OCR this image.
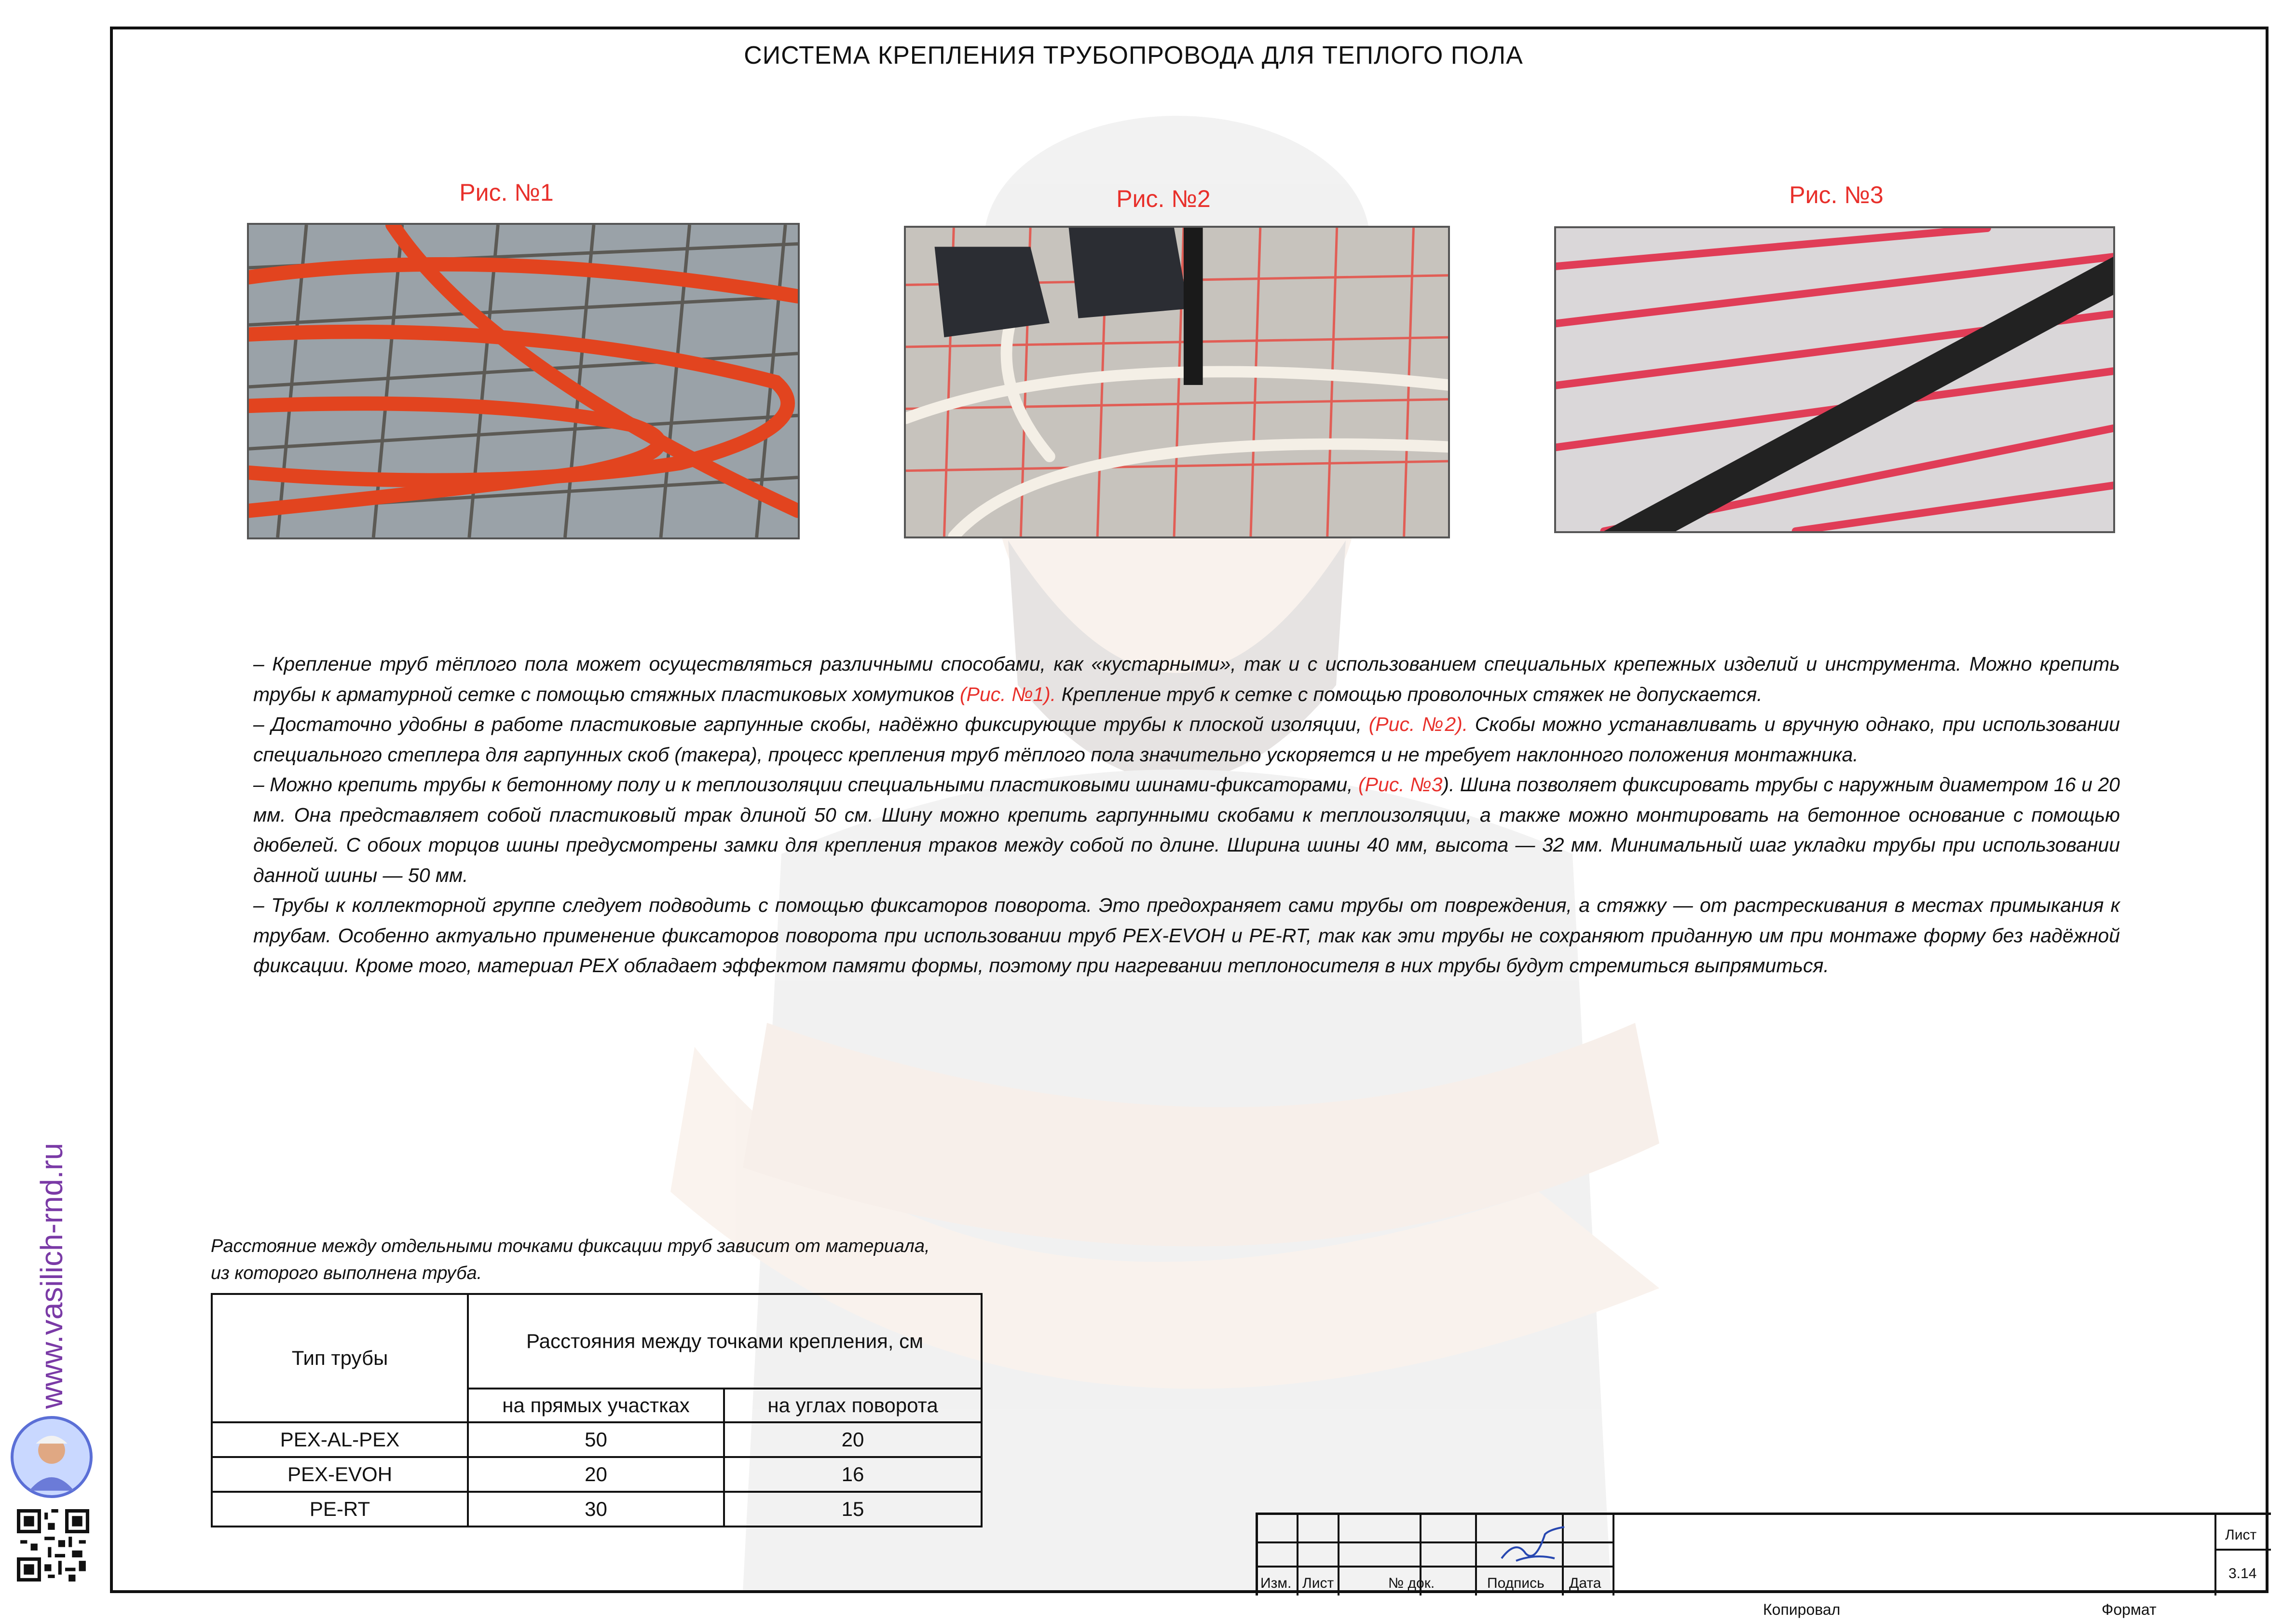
СИСТЕМА КРЕПЛЕНИЯ ТРУБОПРОВОДА ДЛЯ ТЕПЛОГО ПОЛА
Рис. №1	Рис. №2	Рис. №3

– Крепление труб тёплого пола может осуществляться различными способами, как «кустарными», так и с использованием специальных крепежных изделий и инструмента. Можно крепить трубы к арматурной сетке с помощью стяжных пластиковых хомутиков (Рис. №1). Крепление труб к сетке с помощью проволочных стяжек не допускается.

– Достаточно удобны в работе пластиковые гарпунные скобы, надёжно фиксирующие трубы к плоской изоляции, (Рис. №2). Скобы можно устанавливать и вручную однако, при использовании специального степлера для гарпунных скоб (такера), процесс крепления труб тёплого пола значительно ускоряется и не требует наклонного положения монтажника.

– Можно крепить трубы к бетонному полу и к теплоизоляции специальными пластиковыми шинами-фиксаторами, (Рис. №3). Шина позволяет фиксировать трубы с наружным диаметром 16 и 20 мм. Она представляет собой пластиковый трак длиной 50 см. Шину можно крепить гарпунными скобами к теплоизоляции, а также можно монтировать на бетонное основание с помощью дюбелей. С обоих торцов шины предусмотрены замки для крепления траков между собой по длине. Ширина шины 40 мм, высота — 32 мм. Минимальный шаг укладки трубы при использовании данной шины — 50 мм.

– Трубы к коллекторной группе следует подводить с помощью фиксаторов поворота. Это предохраняет сами трубы от повреждения, а стяжку — от растрескивания в местах примыкания к трубам. Особенно актуально применение фиксаторов поворота при использовании труб PEX-EVOH и PE-RT, так как эти трубы не сохраняют приданную им при монтаже форму без надёжной фиксации. Кроме того, материал PEX обладает эффектом памяти формы, поэтому при нагревании теплоносителя в них трубы будут стремиться выпрямиться.

Расстояние между отдельными точками фиксации труб зависит от материала,
из которого выполнена труба.
Тип трубы	Расстояния между точками крепления, см	
	на прямых участках	на углах поворота
PEX-AL-PEX	50	20
PEX-EVOH	20	16
PE-RT	30	15
Изм. Лист	№ док.	Подпись Дата
Лист
3.14
Копировал	Формат
www.vasilich-rnd.ru
